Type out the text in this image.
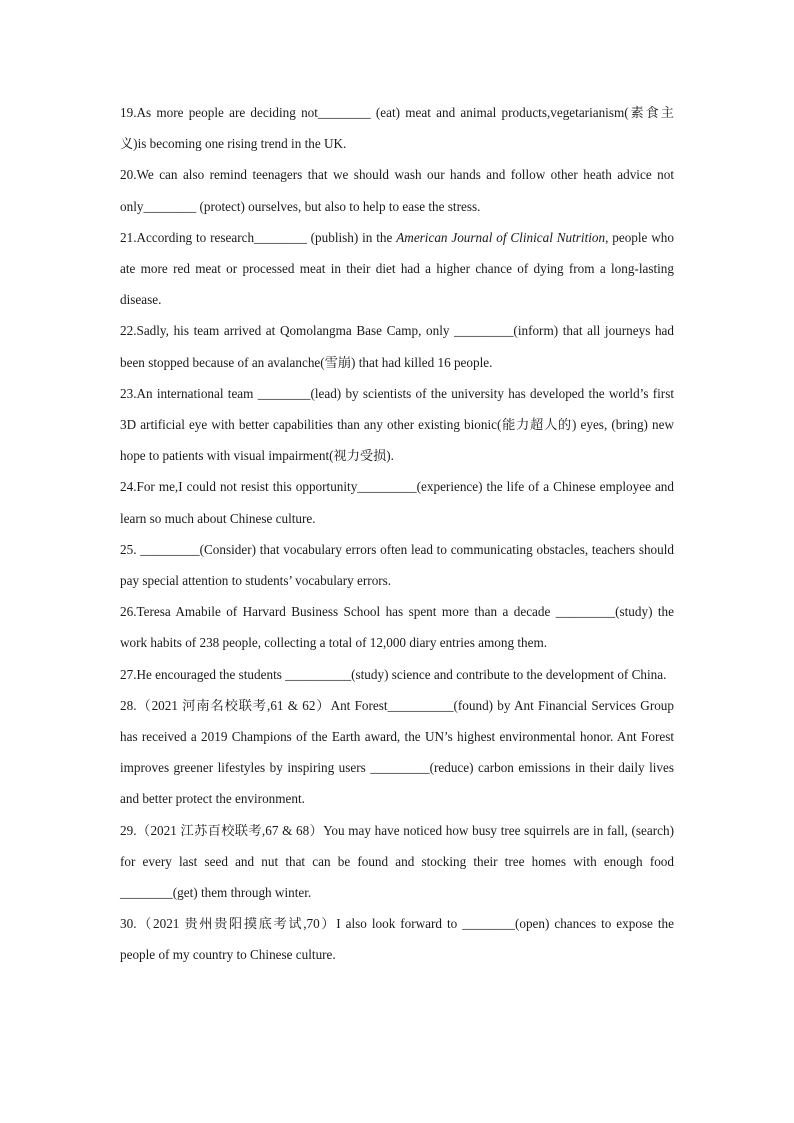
19.As more people are deciding not________ (eat) meat and animal products,vegetarianism(素食主义)is becoming one rising trend in the UK.

20.We can also remind teenagers that we should wash our hands and follow other heath advice not only________ (protect) ourselves, but also to help to ease the stress.

21.According to research________ (publish) in the American Journal of Clinical Nutrition, people who ate more red meat or processed meat in their diet had a higher chance of dying from a long-lasting disease.

22.Sadly, his team arrived at Qomolangma Base Camp, only _________(inform) that all journeys had been stopped because of an avalanche(雪崩) that had killed 16 people.

23.An international team ________(lead) by scientists of the university has developed the world’s first 3D artificial eye with better capabilities than any other existing bionic(能力超人的) eyes, (bring) new hope to patients with visual impairment(视力受损).

24.For me,I could not resist this opportunity_________(experience) the life of a Chinese employee and learn so much about Chinese culture.

25. _________(Consider) that vocabulary errors often lead to communicating obstacles, teachers should pay special attention to students’ vocabulary errors.

26.Teresa Amabile of Harvard Business School has spent more than a decade _________(study) the work habits of 238 people, collecting a total of 12,000 diary entries among them.

27.He encouraged the students __________(study) science and contribute to the development of China.

28.（2021 河南名校联考,61 & 62）Ant Forest__________(found) by Ant Financial Services Group has received a 2019 Champions of the Earth award, the UN’s highest environmental honor. Ant Forest improves greener lifestyles by inspiring users _________(reduce) carbon emissions in their daily lives and better protect the environment.

29.（2021 江苏百校联考,67 & 68）You may have noticed how busy tree squirrels are in fall, (search) for every last seed and nut that can be found and stocking their tree homes with enough food ________(get) them through winter.

30.（2021 贵州贵阳摸底考试,70）I also look forward to ________(open) chances to expose the people of my country to Chinese culture.
